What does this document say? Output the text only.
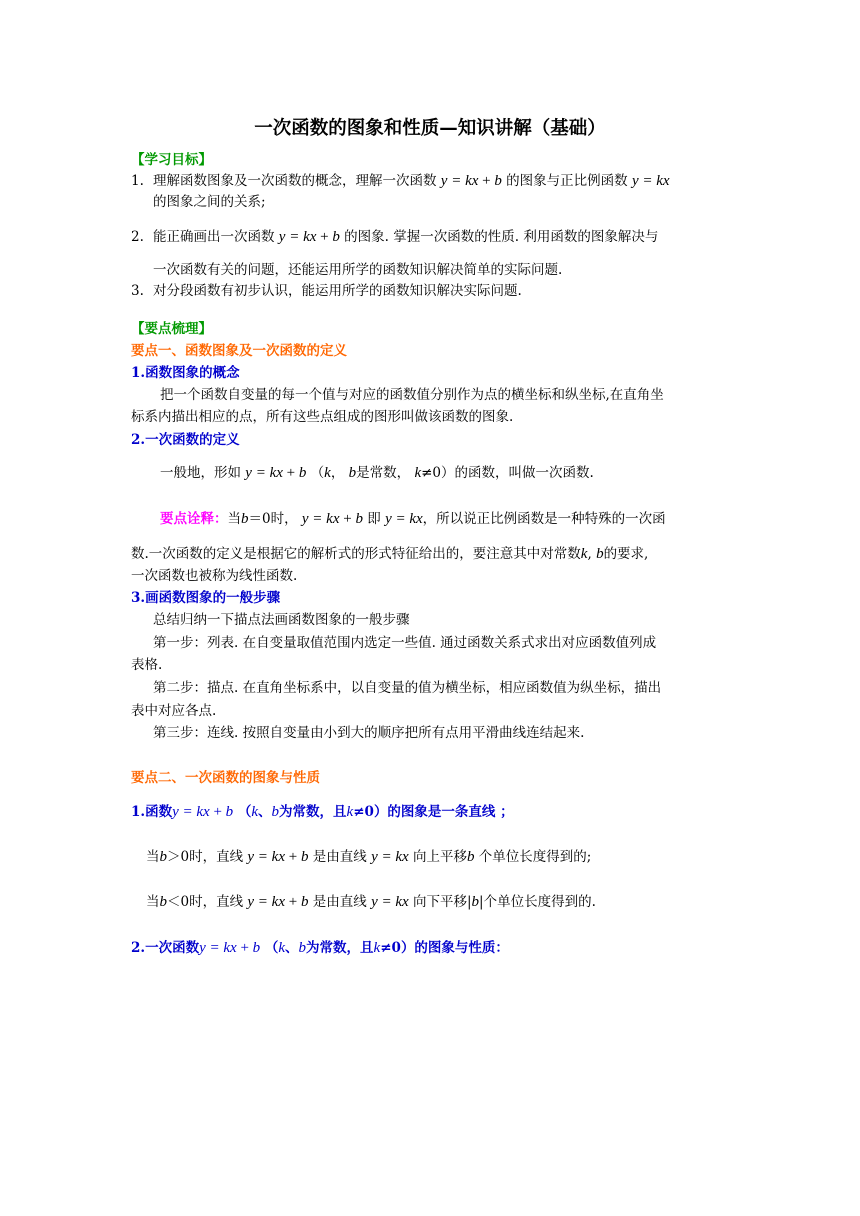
一次函数的图象和性质—知识讲解（基础）
【学习目标】
1. 理解函数图象及一次函数的概念，理解一次函数 y = kx + b 的图象与正比例函数 y = kx
的图象之间的关系;
2. 能正确画出一次函数 y = kx + b 的图象. 掌握一次函数的性质. 利用函数的图象解决与
一次函数有关的问题，还能运用所学的函数知识解决简单的实际问题.
3. 对分段函数有初步认识，能运用所学的函数知识解决实际问题.
【要点梳理】
要点一、函数图象及一次函数的定义
1.函数图象的概念
把一个函数自变量的每一个值与对应的函数值分别作为点的横坐标和纵坐标,在直角坐
标系内描出相应的点，所有这些点组成的图形叫做该函数的图象.
2.一次函数的定义
一般地，形如 y = kx + b （k， b是常数， k≠0）的函数，叫做一次函数.
要点诠释：当b＝0时， y = kx + b 即 y = kx，所以说正比例函数是一种特殊的一次函
数.一次函数的定义是根据它的解析式的形式特征给出的，要注意其中对常数k, b的要求,
一次函数也被称为线性函数.
3.画函数图象的一般步骤
总结归纳一下描点法画函数图象的一般步骤
第一步：列表. 在自变量取值范围内选定一些值. 通过函数关系式求出对应函数值列成
表格.
第二步：描点. 在直角坐标系中，以自变量的值为横坐标，相应函数值为纵坐标，描出
表中对应各点.
第三步：连线. 按照自变量由小到大的顺序把所有点用平滑曲线连结起来.
要点二、一次函数的图象与性质
1.函数y = kx + b （k、b为常数，且k≠0）的图象是一条直线 ；
当b＞0时，直线 y = kx + b 是由直线 y = kx 向上平移b 个单位长度得到的;
当b＜0时，直线 y = kx + b 是由直线 y = kx 向下平移|b|个单位长度得到的.
2.一次函数y = kx + b （k、b为常数，且k≠0）的图象与性质：
